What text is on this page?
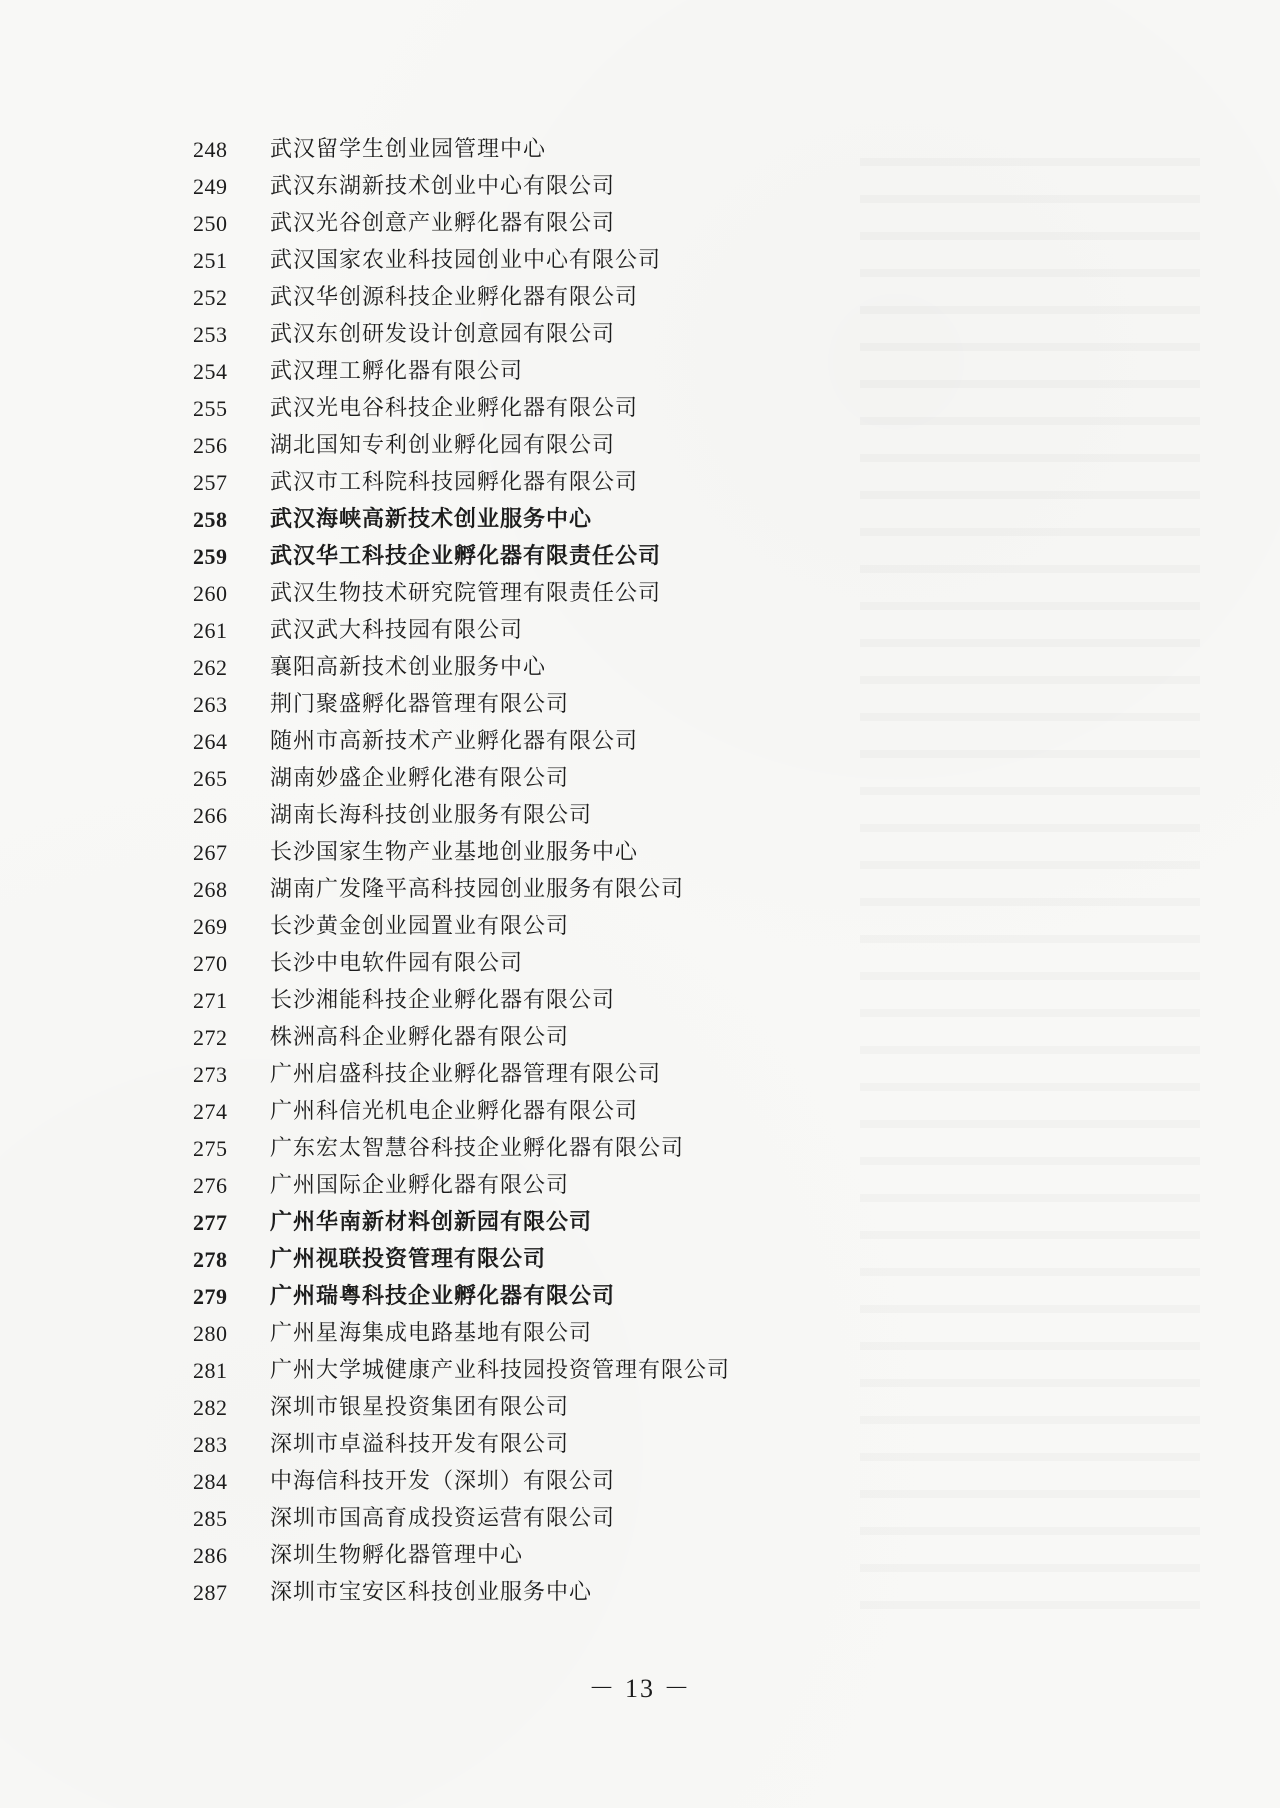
248	武汉留学生创业园管理中心
249	武汉东湖新技术创业中心有限公司
250	武汉光谷创意产业孵化器有限公司
251	武汉国家农业科技园创业中心有限公司
252	武汉华创源科技企业孵化器有限公司
253	武汉东创研发设计创意园有限公司
254	武汉理工孵化器有限公司
255	武汉光电谷科技企业孵化器有限公司
256	湖北国知专利创业孵化园有限公司
257	武汉市工科院科技园孵化器有限公司
258	武汉海峡高新技术创业服务中心
259	武汉华工科技企业孵化器有限责任公司
260	武汉生物技术研究院管理有限责任公司
261	武汉武大科技园有限公司
262	襄阳高新技术创业服务中心
263	荆门聚盛孵化器管理有限公司
264	随州市高新技术产业孵化器有限公司
265	湖南妙盛企业孵化港有限公司
266	湖南长海科技创业服务有限公司
267	长沙国家生物产业基地创业服务中心
268	湖南广发隆平高科技园创业服务有限公司
269	长沙黄金创业园置业有限公司
270	长沙中电软件园有限公司
271	长沙湘能科技企业孵化器有限公司
272	株洲高科企业孵化器有限公司
273	广州启盛科技企业孵化器管理有限公司
274	广州科信光机电企业孵化器有限公司
275	广东宏太智慧谷科技企业孵化器有限公司
276	广州国际企业孵化器有限公司
277	广州华南新材料创新园有限公司
278	广州视联投资管理有限公司
279	广州瑞粤科技企业孵化器有限公司
280	广州星海集成电路基地有限公司
281	广州大学城健康产业科技园投资管理有限公司
282	深圳市银星投资集团有限公司
283	深圳市卓溢科技开发有限公司
284	中海信科技开发（深圳）有限公司
285	深圳市国高育成投资运营有限公司
286	深圳生物孵化器管理中心
287	深圳市宝安区科技创业服务中心
－ 13 －
